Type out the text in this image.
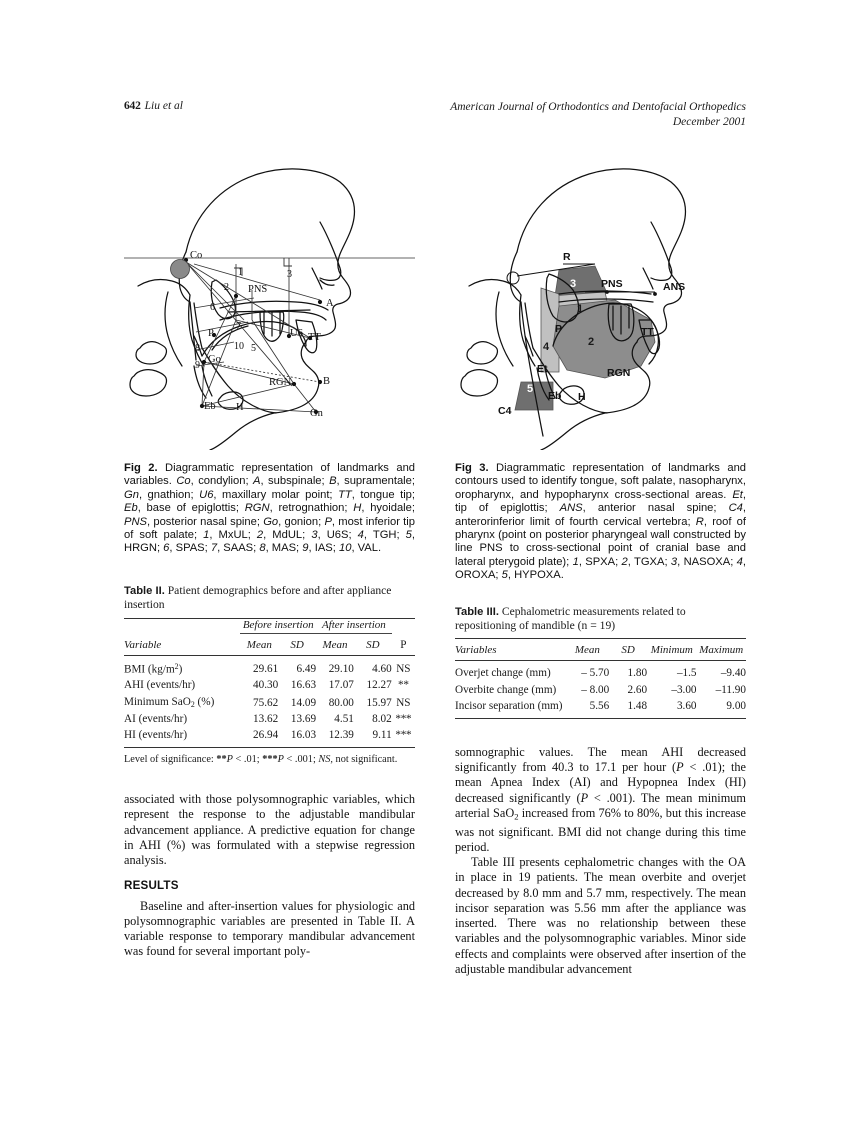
642 Liu et al	American Journal of Orthodontics and Dentofacial Orthopedics
December 2001
Co
PNS
A
U6 TT
P
Go
RGN	B
Eb H
Gn
1
2
3
8	5
6
7
9
10
Fig 2. Diagrammatic representation of landmarks and variables. Co, condylion; A, subspinale; B, supramentale; Gn, gnathion; U6, maxillary molar point; TT, tongue tip; Eb, base of epiglottis; RGN, retrognathion; H, hyoidale; PNS, posterior nasal spine; Go, gonion; P, most inferior tip of soft palate; 1, MxUL; 2, MdUL; 3, U6S; 4, TGH; 5, HRGN; 6, SPAS; 7, SAAS; 8, MAS; 9, IAS; 10, VAL.
Table II. Patient demographics before and after appliance insertion
	Before insertion		After insertion		

Variable	Mean	SD	Mean	SD	P
BMI $(kg/m^2)$	29.61	6.49	29.10	4.60	NS
AHI (events/hr)	40.30	16.63	17.07	12.27	**
Minimum SaO$_2$ (%)	75.62	14.09	80.00	15.97	NS
AI (events/hr)	13.62	13.69	4.51	8.02	***
HI (events/hr)	26.94	16.03	12.39	9.11	***

Level of significance: **P < .01; ***P < .001; NS, not significant.

associated with those polysomnographic variables, which represent the response to the adjustable mandibular advancement appliance. A predictive equation for change in AHI (%) was formulated with a stepwise regression analysis.

RESULTS

Baseline and after-insertion values for physiologic and polysomnographic variables are presented in Table II. A variable response to temporary mandibular advancement was found for several important poly-

R
PNS	ANS
P	TT
RGN
Et
Eb H
C4
3
5
1
2
4
Fig 3. Diagrammatic representation of landmarks and contours used to identify tongue, soft palate, nasopharynx, oropharynx, and hypopharynx cross-sectional areas. Et, tip of epiglottis; ANS, anterior nasal spine; C4, anterorinferior limit of fourth cervical vertebra; R, roof of pharynx (point on posterior pharyngeal wall constructed by line PNS to cross-sectional point of cranial base and lateral pterygoid plate); 1, SPXA; 2, TGXA; 3, NASOXA; 4, OROXA; 5, HYPOXA.
Table III. Cephalometric measurements related to repositioning of mandible (n = 19)
Variables	Mean	SD	Minimum	Maximum
Overjet change (mm)	– 5.70	1.80	–1.5	–9.40
Overbite change (mm)	– 8.00	2.60	–3.00	–11.90
Incisor separation (mm)	5.56	1.48	3.60	9.00

somnographic values. The mean AHI decreased significantly from 40.3 to 17.1 per hour (P < .01); the mean Apnea Index (AI) and Hypopnea Index (HI) decreased significantly (P < .001). The mean minimum arterial SaO$_2$ increased from 76% to 80%, but this increase was not significant. BMI did not change during this time period.

Table III presents cephalometric changes with the OA in place in 19 patients. The mean overbite and overjet decreased by 8.0 mm and 5.7 mm, respectively. The mean incisor separation was 5.56 mm after the appliance was inserted. There was no relationship between these variables and the polysomnographic variables. Minor side effects and complaints were observed after insertion of the adjustable mandibular advancement
